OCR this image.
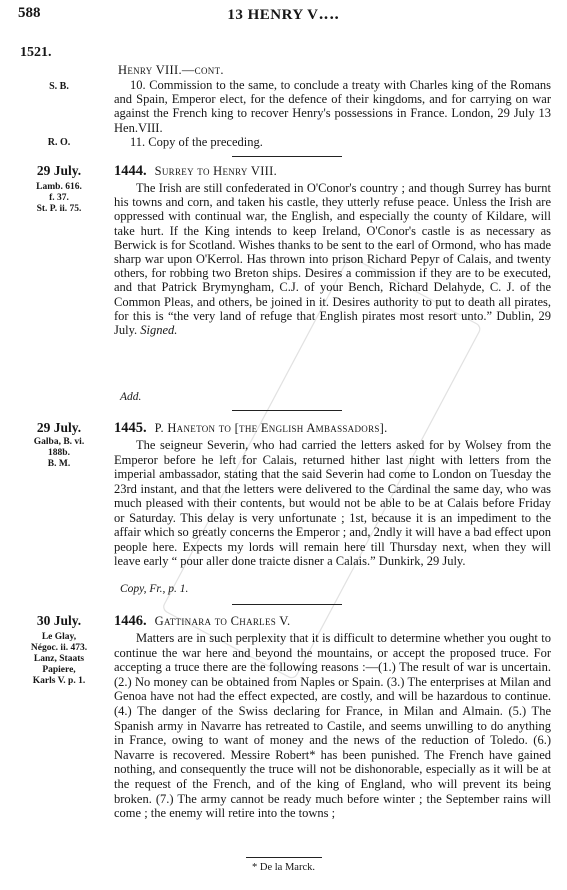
588	13 HENRY V‥‥
1521.
Henry VIII.—cont.
S. B.	10. Commission to the same, to conclude a treaty with Charles king of the Romans and Spain, Emperor elect, for the defence of their kingdoms, and for carrying on war against the French king to recover Henry's possessions in France. London, 29 July 13 Hen.VIII.
R. O.	11. Copy of the preceding.
29 July.
Lamb. 616.
f. 37.
St. P. ii. 75.
1444. Surrey to Henry VIII.
The Irish are still confederated in O'Conor's country ; and though Surrey has burnt his towns and corn, and taken his castle, they utterly refuse peace. Unless the Irish are oppressed with continual war, the English, and especially the county of Kildare, will take hurt. If the King intends to keep Ireland, O'Conor's castle is as necessary as Berwick is for Scotland. Wishes thanks to be sent to the earl of Ormond, who has made sharp war upon O'Kerrol. Has thrown into prison Richard Pepyr of Calais, and twenty others, for robbing two Breton ships. Desires a commission if they are to be executed, and that Patrick Brymyngham, C.J. of your Bench, Richard Delahyde, C. J. of the Common Pleas, and others, be joined in it. Desires authority to put to death all pirates, for this is “the very land of refuge that English pirates most resort unto.” Dublin, 29 July. Signed.
Add.
29 July.
Galba, B. vi.
188b.
B. M.
1445. P. Haneton to [the English Ambassadors].
The seigneur Severin, who had carried the letters asked for by Wolsey from the Emperor before he left for Calais, returned hither last night with letters from the imperial ambassador, stating that the said Severin had come to London on Tuesday the 23rd instant, and that the letters were delivered to the Cardinal the same day, who was much pleased with their contents, but would not be able to be at Calais before Friday or Saturday. This delay is very unfortunate ; 1st, because it is an impediment to the affair which so greatly concerns the Emperor ; and, 2ndly it will have a bad effect upon people here. Expects my lords will remain here till Thursday next, when they will leave early “ pour aller done traicte disner a Calais.” Dunkirk, 29 July.
Copy, Fr., p. 1.
30 July.
Le Glay,
Négoc. ii. 473.
Lanz, Staats
Papiere,
Karls V. p. 1.
1446. Gattinara to Charles V.
Matters are in such perplexity that it is difficult to determine whether you ought to continue the war here and beyond the mountains, or accept the proposed truce. For accepting a truce there are the following reasons :—(1.) The result of war is uncertain. (2.) No money can be obtained from Naples or Spain. (3.) The enterprises at Milan and Genoa have not had the effect expected, are costly, and will be hazardous to continue. (4.) The danger of the Swiss declaring for France, in Milan and Almain. (5.) The Spanish army in Navarre has retreated to Castile, and seems unwilling to do anything in France, owing to want of money and the news of the reduction of Toledo. (6.) Navarre is recovered. Messire Robert* has been punished. The French have gained nothing, and consequently the truce will not be dishonorable, especially as it will be at the request of the French, and of the king of England, who will prevent its being broken. (7.) The army cannot be ready much before winter ; the September rains will come ; the enemy will retire into the towns ;
* De la Marck.
